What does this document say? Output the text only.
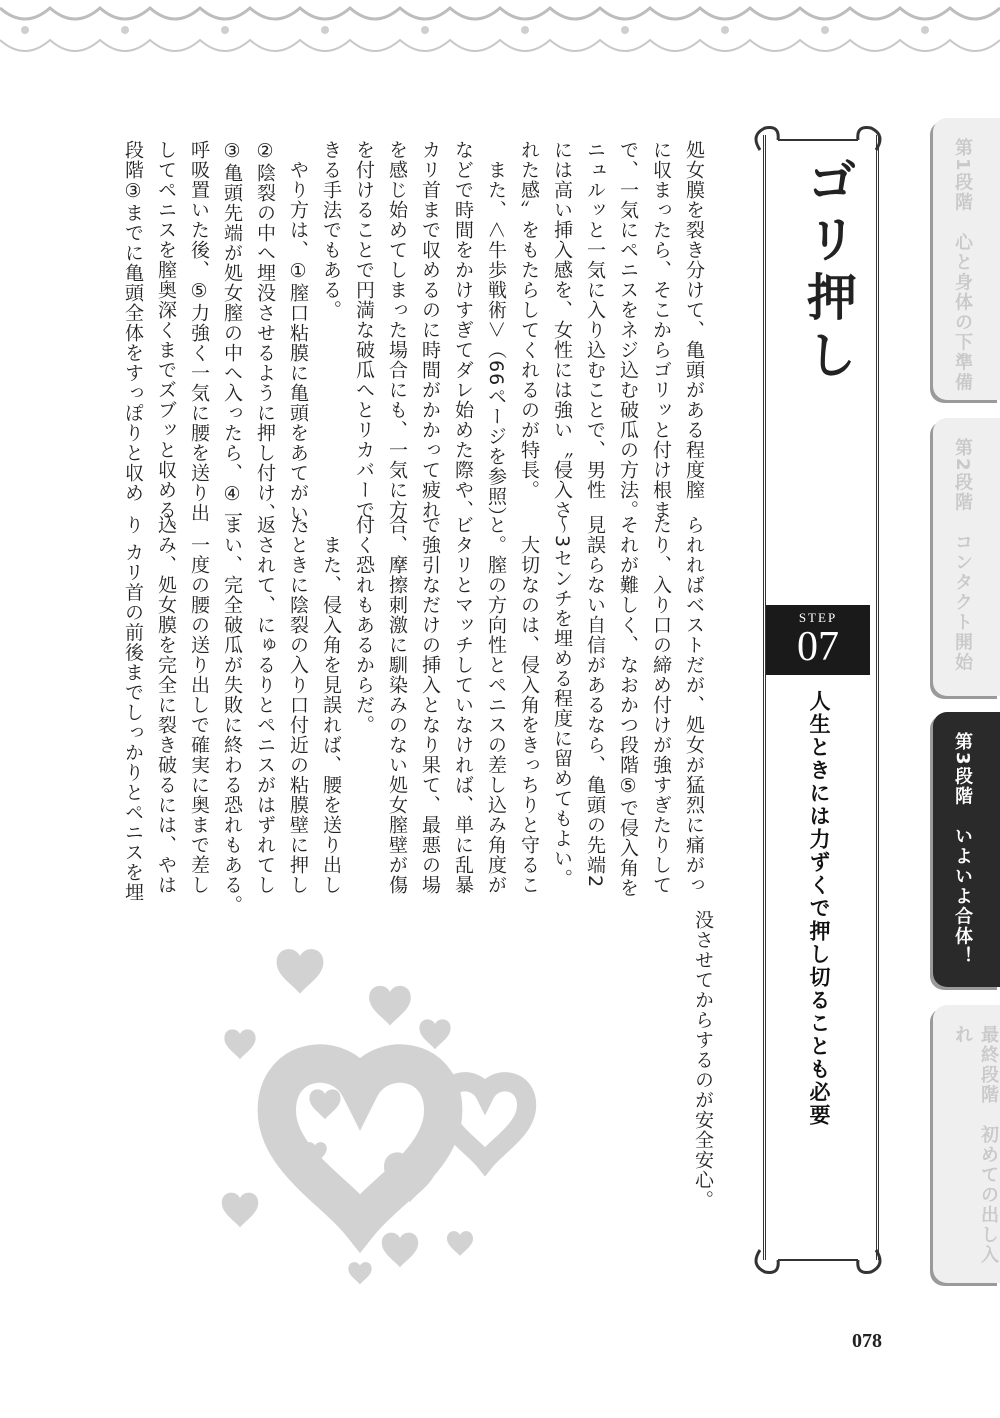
処女膜を裂き分けて、亀頭がある程度膣
に収まったら、そこからゴリッと付け根ま
で、一気にペニスをネジ込む破瓜の方法。
ニュルッと一気に入り込むことで、男性
には高い挿入感を、女性には強い〝侵入さ
れた感〟をもたらしてくれるのが特長。
　また、＜牛歩戦術＞（66ページを参照）
などで時間をかけすぎてダレ始めた際や、
カリ首まで収めるのに時間がかかって疲れ
を感じ始めてしまった場合にも、一気に方
を付けることで円満な破瓜へとリカバーで
きる手法でもある。
　やり方は、①膣口粘膜に亀頭をあてがい、
②陰裂の中へ埋没させるように押し付け、
③亀頭先端が処女膣の中へ入ったら、④一
呼吸置いた後、⑤力強く一気に腰を送り出
してペニスを膣奥深くまでズブッと収める。
段階③までに亀頭全体をすっぽりと収め
られればベストだが、処女が猛烈に痛がっ
たり、入り口の締め付けが強すぎたりして
それが難しく、なおかつ段階⑤で侵入角を
見誤らない自信があるなら、亀頭の先端2
～3センチを埋める程度に留めてもよい。
　大切なのは、侵入角をきっちりと守るこ
と。膣の方向性とペニスの差し込み角度が
ビタリとマッチしていなければ、単に乱暴
で強引なだけの挿入となり果て、最悪の場
合、摩擦刺激に馴染みのない処女膣壁が傷
付く恐れもあるからだ。
　また、侵入角を見誤れば、腰を送り出し
たときに陰裂の入り口付近の粘膜壁に押し
返されて、にゅるりとペニスがはずれてし
まい、完全破瓜が失敗に終わる恐れもある。
　一度の腰の送り出しで確実に奥まで差し
込み、処女膜を完全に裂き破るには、やは
り カリ首の前後までしっかりとペニスを埋
没させてからするのが安全安心。
ゴリ押し
STEP
07
人生ときには力ずくで押し切ることも必要
第1段階　心と身体の下準備
第2段階　コンタクト開始
第3段階　いよいよ合体！
最終段階　初めての出し入れ
078
